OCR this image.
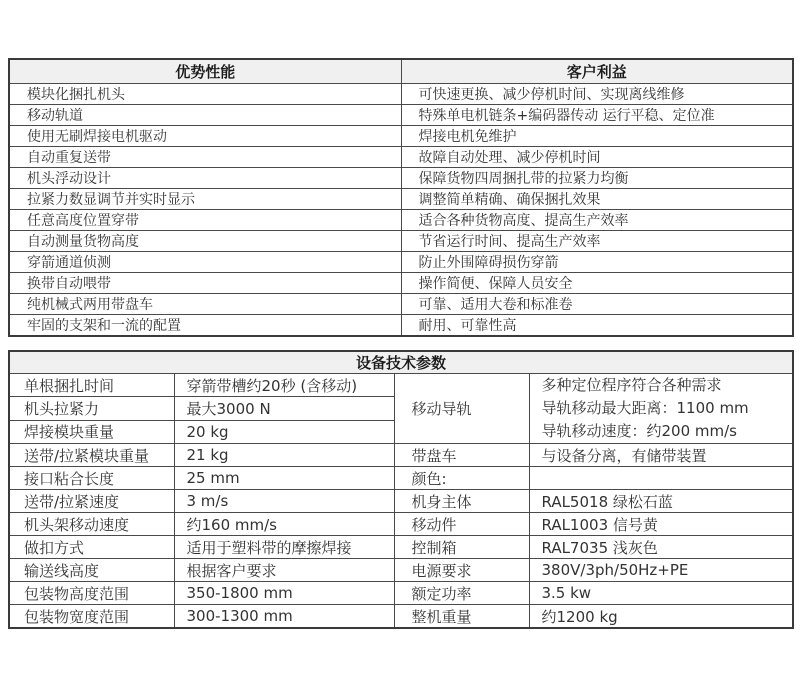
优势性能	客户利益
模块化捆扎机头	可快速更换、减少停机时间、实现离线维修
移动轨道	特殊单电机链条+编码器传动 运行平稳、定位准
使用无刷焊接电机驱动	焊接电机免维护
自动重复送带	故障自动处理、减少停机时间
机头浮动设计	保障货物四周捆扎带的拉紧力均衡
拉紧力数显调节并实时显示	调整简单精确、确保捆扎效果
任意高度位置穿带	适合各种货物高度、提高生产效率
自动测量货物高度	节省运行时间、提高生产效率
穿箭通道侦测	防止外围障碍损伤穿箭
换带自动喂带	操作简便、保障人员安全
纯机械式两用带盘车	可靠、适用大卷和标准卷
牢固的支架和一流的配置	耐用、可靠性高
设备技术参数			
单根捆扎时间	穿箭带槽约20秒 (含移动)	移动导轨	多种定位程序符合各种需求
导轨移动最大距离：1100 mm
导轨移动速度：约200 mm/s

机头拉紧力	最大3000 N		
焊接模块重量	20 kg		
送带/拉紧模块重量	21 kg	带盘车	与设备分离，有储带装置
接口粘合长度	25 mm	颜色:	
送带/拉紧速度	3 m/s	机身主体	RAL5018 绿松石蓝
机头架移动速度	约160 mm/s	移动件	RAL1003 信号黄
做扣方式	适用于塑料带的摩擦焊接	控制箱	RAL7035 浅灰色
输送线高度	根据客户要求	电源要求	380V/3ph/50Hz+PE
包装物高度范围	350-1800 mm	额定功率	3.5 kw
包装物宽度范围	300-1300 mm	整机重量	约1200 kg
